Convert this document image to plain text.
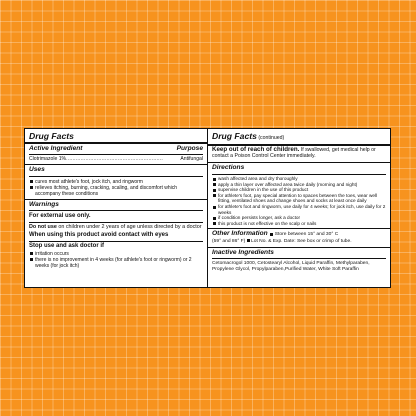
Drug Facts
Active Ingredient	Purpose
Clotrimazole 1% ............................................................	Antifungal
Uses
cures most athlete's foot, jock itch, and ringworm
relieves itching, burning, cracking, scaling, and discomfort which accompany these conditions
Warnings
For external use only.
Do not use on children under 2 years of age unless directed by a doctor
When using this product avoid contact with eyes
Stop use and ask doctor if
irritation occurs
there is no improvement in 4 weeks (for athlete's foot or ringworm) or 2 weeks (for jock itch)
Drug Facts (continued)
Keep out of reach of children. If swallowed, get medical help or contact a Poison Control Center immediately.
Directions
wash affected area and dry thoroughly
apply a thin layer over affected area twice daily (morning and night)
supervise children in the use of this product
for athlete's foot, pay special attention to spaces between the toes, wear well fitting, ventilated shoes and change shoes and socks at least once daily
for athlete's foot and ringworm, use daily for 4 weeks; for jock itch, use daily for 2 weeks
if condition persists longer, ask a doctor
this product is not effective on the scalp or nails
Other Information Store between 15° and 30° C
(59° and 86° F) Lot No. & Exp. Date: See box or crimp of tube.
Inactive Ingredients
Cetomacrogol 1000, Cetostearyl Alcohol, Liquid Paraffin, Methylparaben, Propylene Glycol, Propylparaben,Purified Water, White Soft Paraffin
